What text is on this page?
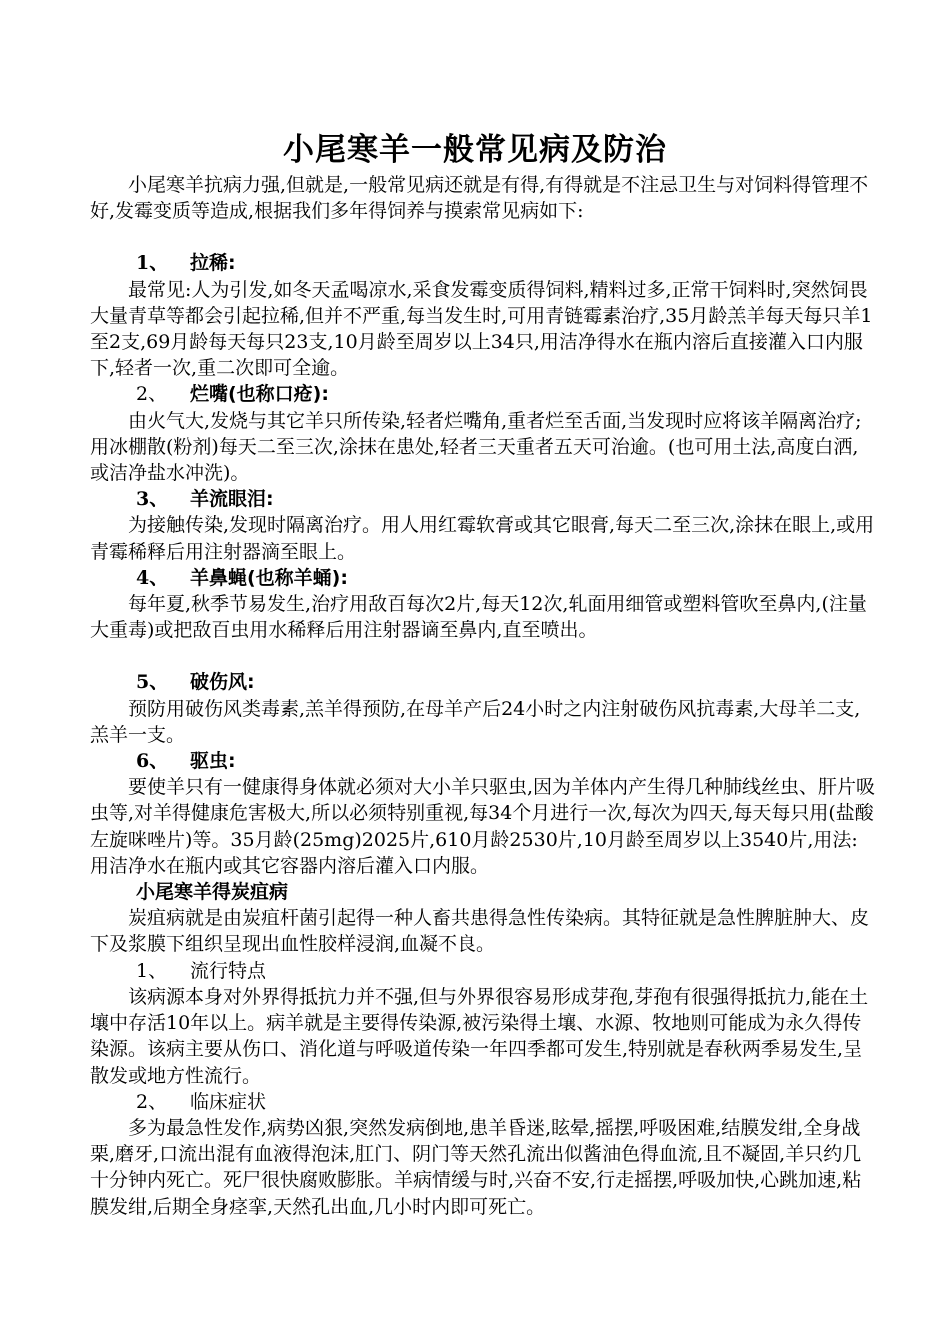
小尾寒羊一般常见病及防治

小尾寒羊抗病力强,但就是,一般常见病还就是有得,有得就是不注忌卫生与对饲料得管理不好,发霉变质等造成,根据我们多年得饲养与摸索常见病如下:

1、 拉稀:

最常见:人为引发,如冬天孟喝凉水,采食发霉变质得饲料,精料过多,正常干饲料时,突然饲畏大量青草等都会引起拉稀,但并不严重,每当发生时,可用青链霉素治疗,35月龄羔羊每天每只羊1至2支,69月龄每天每只23支,10月龄至周岁以上34只,用洁净得水在瓶内溶后直接灌入口内服下,轻者一次,重二次即可全逾。

2、 烂嘴(也称口疮):

由火气大,发烧与其它羊只所传染,轻者烂嘴角,重者烂至舌面,当发现时应将该羊隔离治疗;用冰棚散(粉剂)每天二至三次,涂抹在患处,轻者三天重者五天可治逾。(也可用土法,高度白洒,或洁净盐水冲洗)。

3、 羊流眼泪:

为接触传染,发现时隔离治疗。用人用红霉软膏或其它眼膏,每天二至三次,涂抹在眼上,或用青霉稀释后用注射器滴至眼上。

4、 羊鼻蝇(也称羊蛹):

每年夏,秋季节易发生,治疗用敌百每次2片,每天12次,轧面用细管或塑料管吹至鼻内,(注量大重毒)或把敌百虫用水稀释后用注射器谪至鼻内,直至喷出。

5、 破伤风:

预防用破伤风类毒素,羔羊得预防,在母羊产后24小时之内注射破伤风抗毒素,大母羊二支,羔羊一支。

6、 驱虫:

要使羊只有一健康得身体就必须对大小羊只驱虫,因为羊体内产生得几种肺线丝虫、肝片吸虫等,对羊得健康危害极大,所以必须特别重视,每34个月进行一次,每次为四天,每天每只用(盐酸左旋咪唑片)等。35月龄(25mg)2025片,610月龄2530片,10月龄至周岁以上3540片,用法: 用洁净水在瓶内或其它容器内溶后灌入口内服。

小尾寒羊得炭疽病

炭疽病就是由炭疽杆菌引起得一种人畜共患得急性传染病。其特征就是急性脾脏肿大、皮下及浆膜下组织呈现出血性胶样浸润,血凝不良。

1、 流行特点

该病源本身对外界得抵抗力并不强,但与外界很容易形成芽孢,芽孢有很强得抵抗力,能在土壤中存活10年以上。病羊就是主要得传染源,被污染得土壤、水源、牧地则可能成为永久得传染源。该病主要从伤口、消化道与呼吸道传染一年四季都可发生,特别就是春秋两季易发生,呈散发或地方性流行。

2、 临床症状

多为最急性发作,病势凶狠,突然发病倒地,患羊昏迷,眩晕,摇摆,呼吸困难,结膜发绀,全身战栗,磨牙,口流出混有血液得泡沫,肛门、阴门等天然孔流出似酱油色得血流,且不凝固,羊只约几十分钟内死亡。死尸很快腐败膨胀。羊病情缓与时,兴奋不安,行走摇摆,呼吸加快,心跳加速,粘膜发绀,后期全身痉挛,天然孔出血,几小时内即可死亡。
